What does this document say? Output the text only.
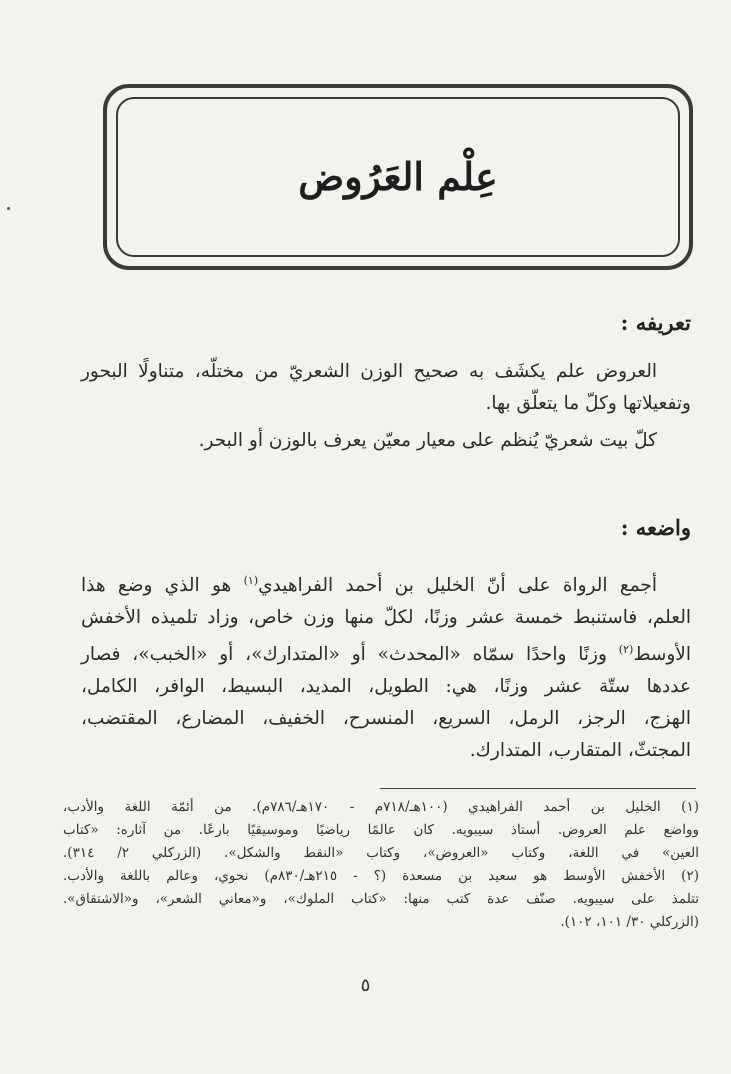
عِلْم العَرُوض
تعريفه :
العروض علم يكشَف به صحيح الوزن الشعريّ من مختلّه، متناولًا البحور
وتفعيلاتها وكلّ ما يتعلّق بها.
كلّ بيت شعريّ يُنظم على معيار معيّن يعرف بالوزن أو البحر.
واضعه :
أجمع الرواة على أنّ الخليل بن أحمد الفراهيدي$^{(١)}$ هو الذي وضع هذا
العلم، فاستنبط خمسة عشر وزنًا، لكلّ منها وزن خاص، وزاد تلميذه الأخفش
الأوسط$^{(٢)}$ وزنًا واحدًا سمّاه «المحدث» أو «المتدارك»، أو «الخبب»، فصار
عددها ستّة عشر وزنًا، هي: الطويل، المديد، البسيط، الوافر، الكامل،
الهزج، الرجز، الرمل، السريع، المنسرح، الخفيف، المضارع، المقتضب،
المجتثّ، المتقارب، المتدارك.
(١) الخليل بن أحمد الفراهيدي (١٠٠هـ/٧١٨م - ١٧٠هـ/٧٨٦م). من أئمّة اللغة والأدب،
وواضع علم العروض. أستاذ سيبويه. كان عالمًا رياضيًا وموسيقيًا بارعًا. من آثاره: «كتاب
العين» في اللغة، وكتاب «العروض»، وكتاب «النقط والشكل». (الزركلي ٢/ ٣١٤).
(٢) الأخفش الأوسط هو سعيد بن مسعدة (؟ - ٢١٥هـ/٨٣٠م) نحوي، وعالم باللغة والأدب.
تتلمذ على سيبويه. صنّف عدة كتب منها: «كتاب الملوك»، و«معاني الشعر»، و«الاشتقاق».
(الزركلي ٣٠/ ١٠١، ١٠٢).
٥
